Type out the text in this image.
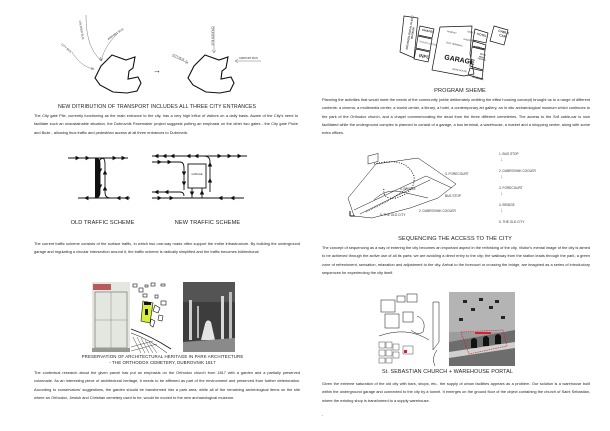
CRUISER BUS	AIRPORT BUS
CITY BUS
→
CRUISER BUS
AIRPORT BUS
CITY BUS
NEW DITRIBUTION OF TRANSPORT INCLUDES ALL THREE CITY ENTRANCES
The City gate Pile, currently functioning as the main entrance to the city, has a very high influx of visitors on a daily basis. Aware of the City's need to facilitate such an unsustainable situation, the Dubrovnik Pacemaker project suggests putting an emphasis on the other two gates - the City gate Ploče and Buže - allowing thus traffic and pedestrian access at all three entrances to Dubrovnik.
GARAGE
OLD TRAFFIC SCHEME	NEW TRAFFIC SCHEME
The current traffic scheme consists of the surface traffic, in which two one-way roads often support the entire infrastructure. By building the underground garage and regulating a circular intersection around it, the traffic scheme is radically simplified and the traffic becomes bidirectional.
PRESERVATION OF ARCHITECTURAL HERITAGE IN PARK ARCHITECTURE
- THE ORTHODOX CEMETERY, DUBROVNIK 1817
The contextual research about the given parcel has put an emphasis on the Orthodox church from 1817 with a garden and a partially preserved colonnade. As an interesting piece of architectural heritage, it needs to be affirmed as part of the environment and preserved from further deterioration. According to conservators' suggestions, the garden should be transformed into a park area, while all of the remaining archeological items on the site where an Orthodox, Jewish and Christian cemetery used to be, would be moved to the new archaeological museum.
ARCHAEOLOGICAL IN SITU MUSEUM	CHAPEL
TOURIST CENTER
INFO
MARKET	OFFICE
SHOPPING
BUS TERMINAL
GARAGE
WAREHOUSE
HOTEL
LIBRARY
MULTI MEDIA CENTER
CINEMA
CABLE CAR
PROGRAM SHEME
Planning the activities that would meet the needs of the community (while deliberately omitting the elitist housing concept) brought us to a range of different contents: a cinema, a multimedia center, a tourist center, a library, a hotel, a contemporary art gallery, an in situ archaeological museum which continues to the park of the Orthodox church, and a chapel commemorating the dead from the three different cemeteries. The access to the Srđ cable-car is now facilitated while the underground complex is planned to consist of a garage, a bus terminal, a warehouse, a market and a shopping center, along with some extra offices.
3. FORECOURT
4. BRIDGE
BUS STOP
2. DUBROVNIK COOLER
5. THE OLD CITY
1. BUS STOP
↓
2. DUBROVNIK COOLER
↓
3. FORECOURT
↓
4. BRIDGE
↓
5. THE OLD CITY
SEQUENCING THE ACCESS TO THE CITY
The concept of sequencing as a way of entering the city becomes an important aspect in the rethinking of the city. Visitor's mental image of the city is aimed to be achieved through the active use of all its parts: we are avoiding a direct entry to the city; the walkway from the station leads through the park, a green zone of refreshment, sensation, relaxation and adjustment to the city. Arrival to the forecourt or crossing the bridge, are imagined as a series of introductory sequences for experiencing the city itself.
St. SEBASTIAN CHURCH + WAREHOUSE PORTAL
Given the extreme saturation of the old city with bars, shops, etc., the supply of urban facilities appears as a problem. Our solution is a warehouse built within the underground garage and connected to the city by a tunnel. It emerges on the ground floor of the object containing the church of Saint Sebastian, where the existing shop is transformed to a supply warehouse.
.
